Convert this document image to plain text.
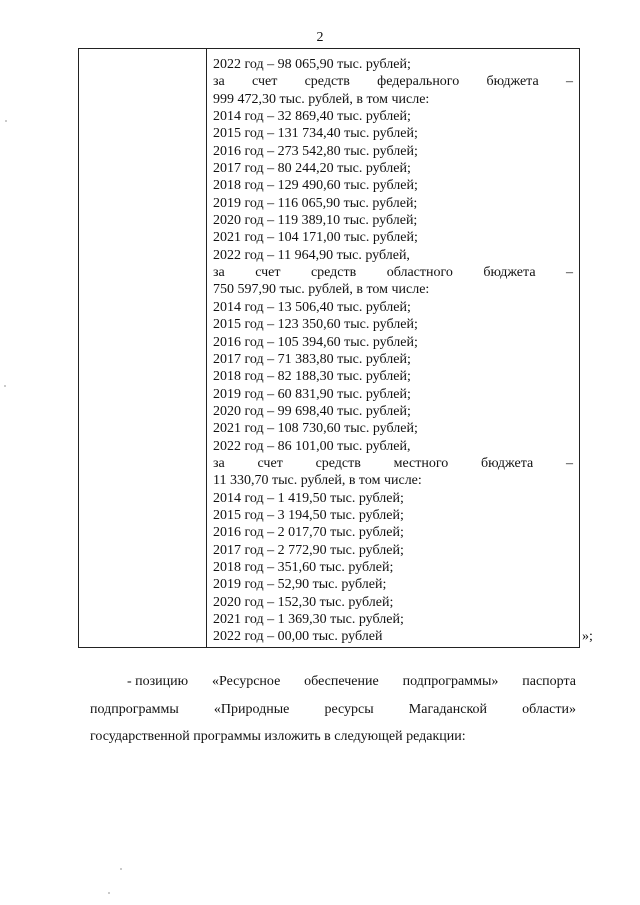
2
2022 год – 98 065,90 тыс. рублей;
за счет средств федерального бюджета –
999 472,30 тыс. рублей, в том числе:
2014 год – 32 869,40 тыс. рублей;
2015 год – 131 734,40 тыс. рублей;
2016 год – 273 542,80 тыс. рублей;
2017 год – 80 244,20 тыс. рублей;
2018 год – 129 490,60 тыс. рублей;
2019 год – 116 065,90 тыс. рублей;
2020 год – 119 389,10 тыс. рублей;
2021 год – 104 171,00 тыс. рублей;
2022 год – 11 964,90 тыс. рублей,
за счет средств областного бюджета –
750 597,90 тыс. рублей, в том числе:
2014 год – 13 506,40 тыс. рублей;
2015 год – 123 350,60 тыс. рублей;
2016 год – 105 394,60 тыс. рублей;
2017 год – 71 383,80 тыс. рублей;
2018 год – 82 188,30 тыс. рублей;
2019 год – 60 831,90 тыс. рублей;
2020 год – 99 698,40 тыс. рублей;
2021 год – 108 730,60 тыс. рублей;
2022 год – 86 101,00 тыс. рублей,
за счет средств местного бюджета –
11 330,70 тыс. рублей, в том числе:
2014 год – 1 419,50 тыс. рублей;
2015 год – 3 194,50 тыс. рублей;
2016 год – 2 017,70 тыс. рублей;
2017 год – 2 772,90 тыс. рублей;
2018 год – 351,60 тыс. рублей;
2019 год – 52,90 тыс. рублей;
2020 год – 152,30 тыс. рублей;
2021 год – 1 369,30 тыс. рублей;
2022 год – 00,00 тыс. рублей	»;
- позицию «Ресурсное обеспечение подпрограммы» паспорта
подпрограммы	«Природные	ресурсы	Магаданской	области»
государственной программы изложить в следующей редакции:
